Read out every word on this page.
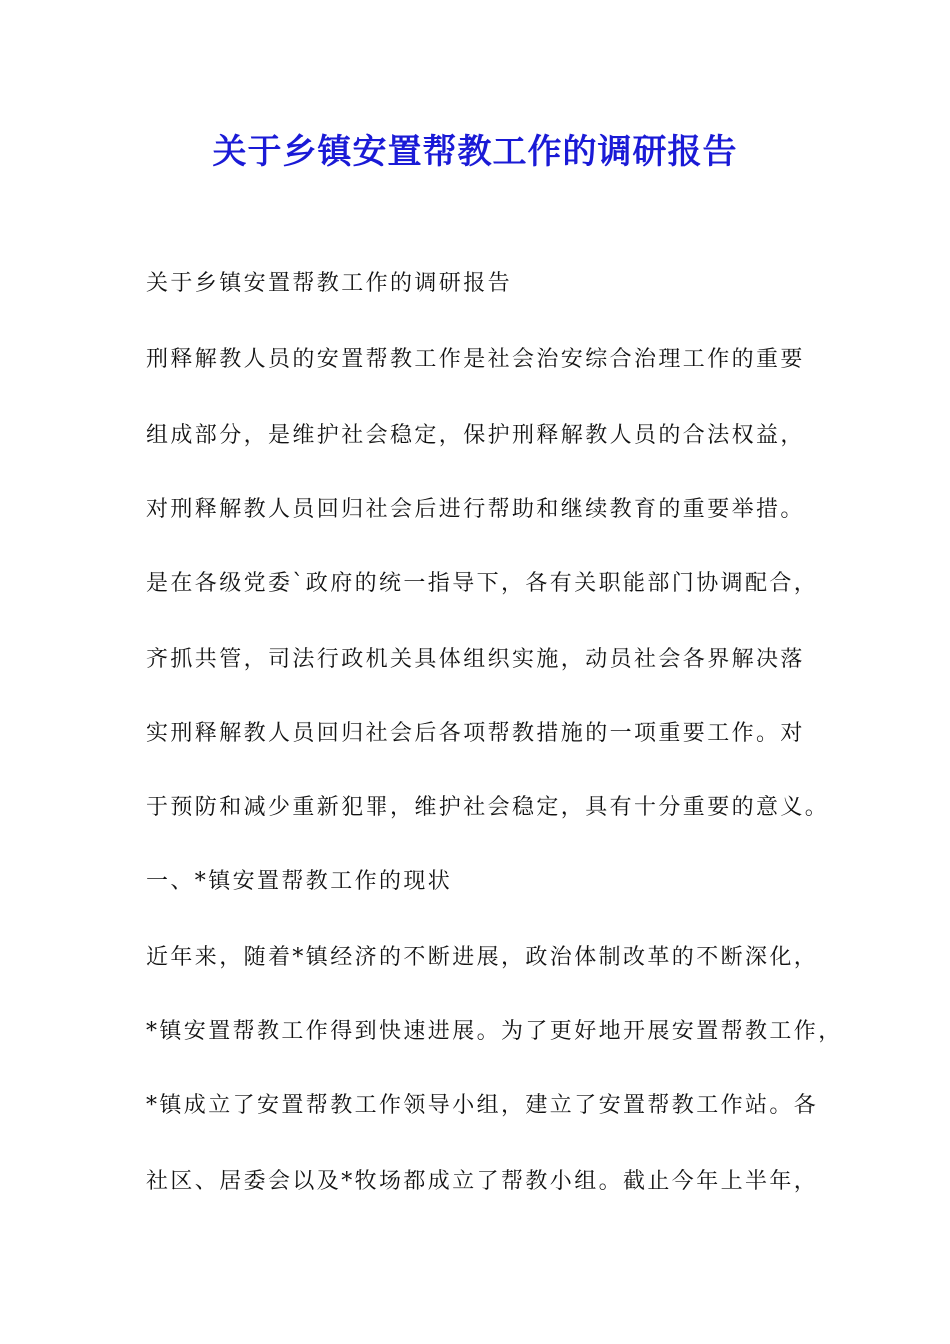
关于乡镇安置帮教工作的调研报告
关于乡镇安置帮教工作的调研报告
刑释解教人员的安置帮教工作是社会治安综合治理工作的重要
组成部分，是维护社会稳定，保护刑释解教人员的合法权益，
对刑释解教人员回归社会后进行帮助和继续教育的重要举措。
是在各级党委`政府的统一指导下，各有关职能部门协调配合，
齐抓共管，司法行政机关具体组织实施，动员社会各界解决落
实刑释解教人员回归社会后各项帮教措施的一项重要工作。对
于预防和减少重新犯罪，维护社会稳定，具有十分重要的意义。
一、*镇安置帮教工作的现状
近年来，随着*镇经济的不断进展，政治体制改革的不断深化，
*镇安置帮教工作得到快速进展。为了更好地开展安置帮教工作，
*镇成立了安置帮教工作领导小组，建立了安置帮教工作站。各
社区、居委会以及*牧场都成立了帮教小组。截止今年上半年，
